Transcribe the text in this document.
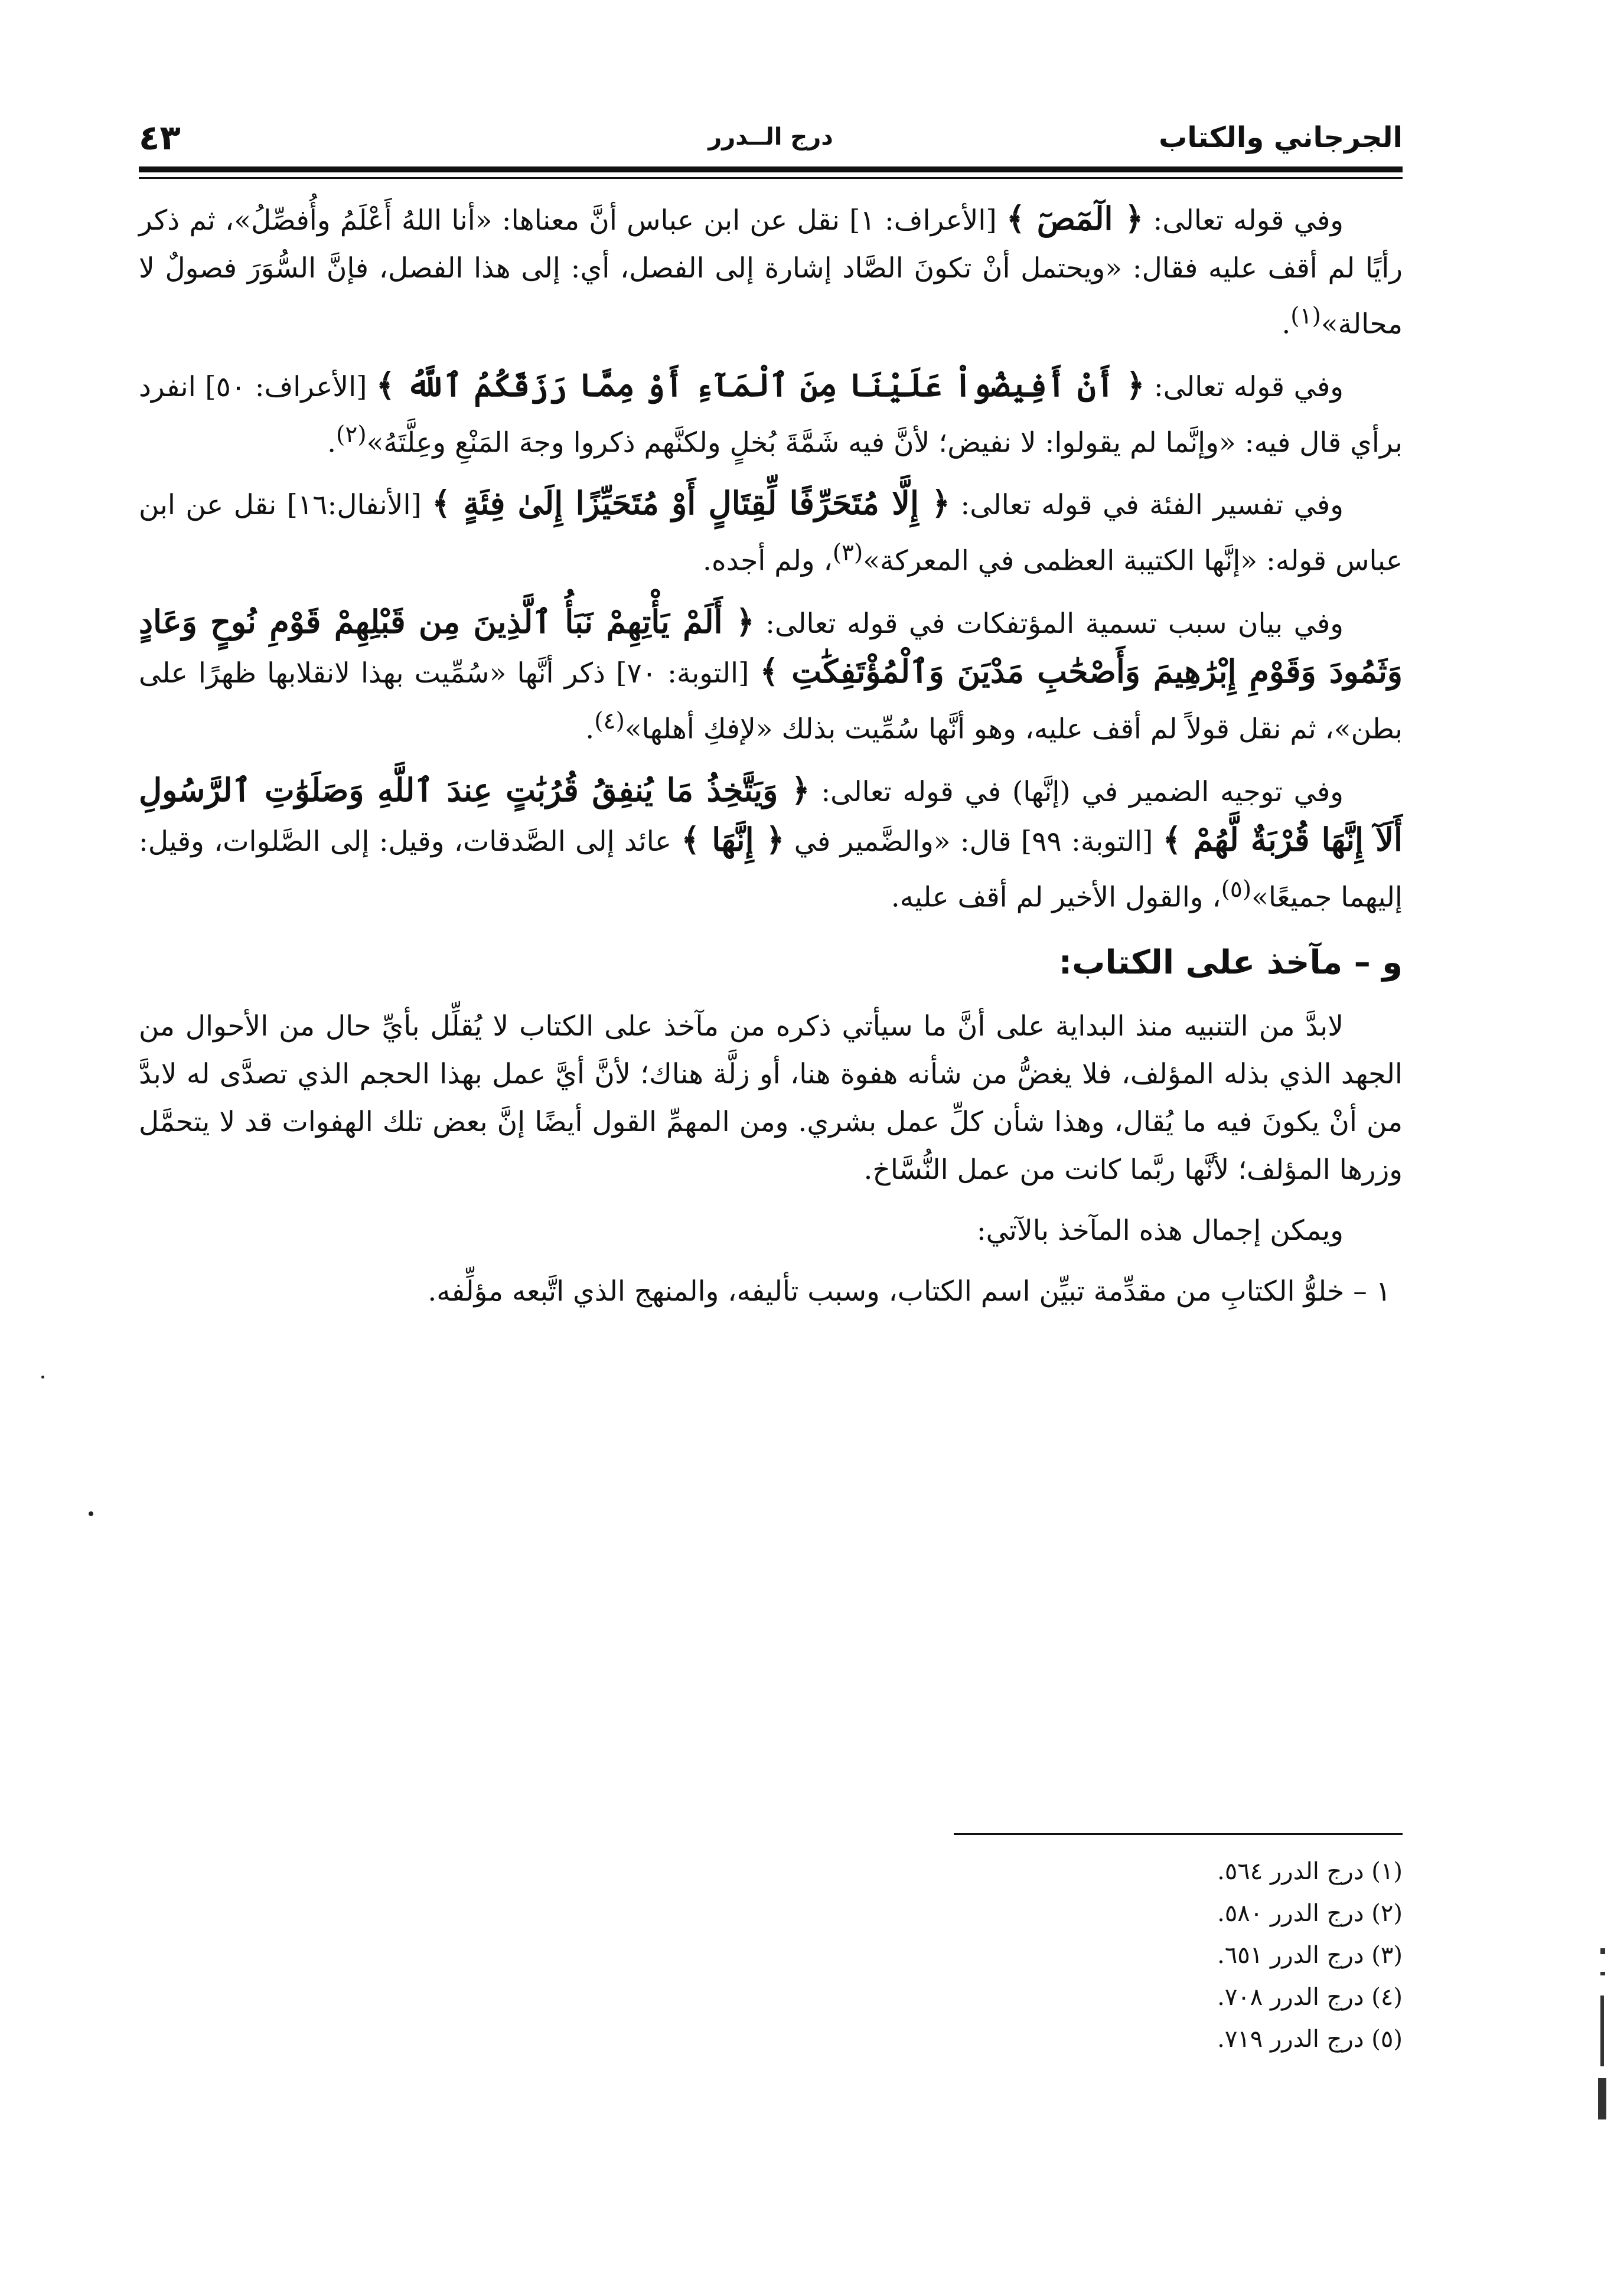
الجرجاني والكتاب
درج الــدرر
٤٣

وفي قوله تعالى: ﴿ الٓمٓصٓ ﴾ [الأعراف: ١] نقل عن ابن عباس أنَّ معناها: «أنا اللهُ أَعْلَمُ وأُفصِّلُ»، ثم ذكر رأيًا لم أقف عليه فقال: «ويحتمل أنْ تكونَ الصَّاد إشارة إلى الفصل، أي: إلى هذا الفصل، فإنَّ السُّوَرَ فصولٌ لا محالة»$^{(١)}$.

وفي قوله تعالى: ﴿ أَنْ أَفِيضُواْ عَلَيْنَا مِنَ ٱلْمَآءِ أَوْ مِمَّا رَزَقَكُمُ ٱللَّهُ ﴾ [الأعراف: ٥٠] انفرد برأي قال فيه: «وإنَّما لم يقولوا: لا نفيض؛ لأنَّ فيه شَمَّةَ بُخلٍ ولكنَّهم ذكروا وجهَ المَنْعِ وعِلَّتَهُ»$^{(٢)}$.

وفي تفسير الفئة في قوله تعالى: ﴿ إِلَّا مُتَحَرِّفًا لِّقِتَالٍ أَوْ مُتَحَيِّزًا إِلَىٰ فِئَةٍ ﴾ [الأنفال:١٦] نقل عن ابن عباس قوله: «إنَّها الكتيبة العظمى في المعركة»$^{(٣)}$، ولم أجده.

وفي بيان سبب تسمية المؤتفكات في قوله تعالى: ﴿ أَلَمْ يَأْتِهِمْ نَبَأُ ٱلَّذِينَ مِن قَبْلِهِمْ قَوْمِ نُوحٍ وَعَادٍ وَثَمُودَ وَقَوْمِ إِبْرَٰهِيمَ وَأَصْحَٰبِ مَدْيَنَ وَٱلْمُؤْتَفِكَٰتِ ﴾ [التوبة: ٧٠] ذكر أنَّها «سُمِّيت بهذا لانقلابها ظهرًا على بطن»، ثم نقل قولاً لم أقف عليه، وهو أنَّها سُمِّيت بذلك «لإفكِ أهلها»$^{(٤)}$.

وفي توجيه الضمير في (إنَّها) في قوله تعالى: ﴿ وَيَتَّخِذُ مَا يُنفِقُ قُرُبَٰتٍ عِندَ ٱللَّهِ وَصَلَوَٰتِ ٱلرَّسُولِ أَلَآ إِنَّهَا قُرْبَةٌ لَّهُمْ ﴾ [التوبة: ٩٩] قال: «والضَّمير في ﴿ إِنَّهَا ﴾ عائد إلى الصَّدقات، وقيل: إلى الصَّلوات، وقيل: إليهما جميعًا»$^{(٥)}$، والقول الأخير لم أقف عليه.

و – مآخذ على الكتاب:

لابدَّ من التنبيه منذ البداية على أنَّ ما سيأتي ذكره من مآخذ على الكتاب لا يُقلِّل بأيِّ حال من الأحوال من الجهد الذي بذله المؤلف، فلا يغضُّ من شأنه هفوة هنا، أو زلَّة هناك؛ لأنَّ أيَّ عمل بهذا الحجم الذي تصدَّى له لابدَّ من أنْ يكونَ فيه ما يُقال، وهذا شأن كلِّ عمل بشري. ومن المهمِّ القول أيضًا إنَّ بعض تلك الهفوات قد لا يتحمَّل وزرها المؤلف؛ لأنَّها ربَّما كانت من عمل النُّسَّاخ.

ويمكن إجمال هذه المآخذ بالآتي:

١ – خلوُّ الكتابِ من مقدِّمة تبيِّن اسم الكتاب، وسبب تأليفه، والمنهج الذي اتَّبعه مؤلِّفه.

(١) درج الدرر ٥٦٤.

(٢) درج الدرر ٥٨٠.

(٣) درج الدرر ٦٥١.

(٤) درج الدرر ٧٠٨.

(٥) درج الدرر ٧١٩.
